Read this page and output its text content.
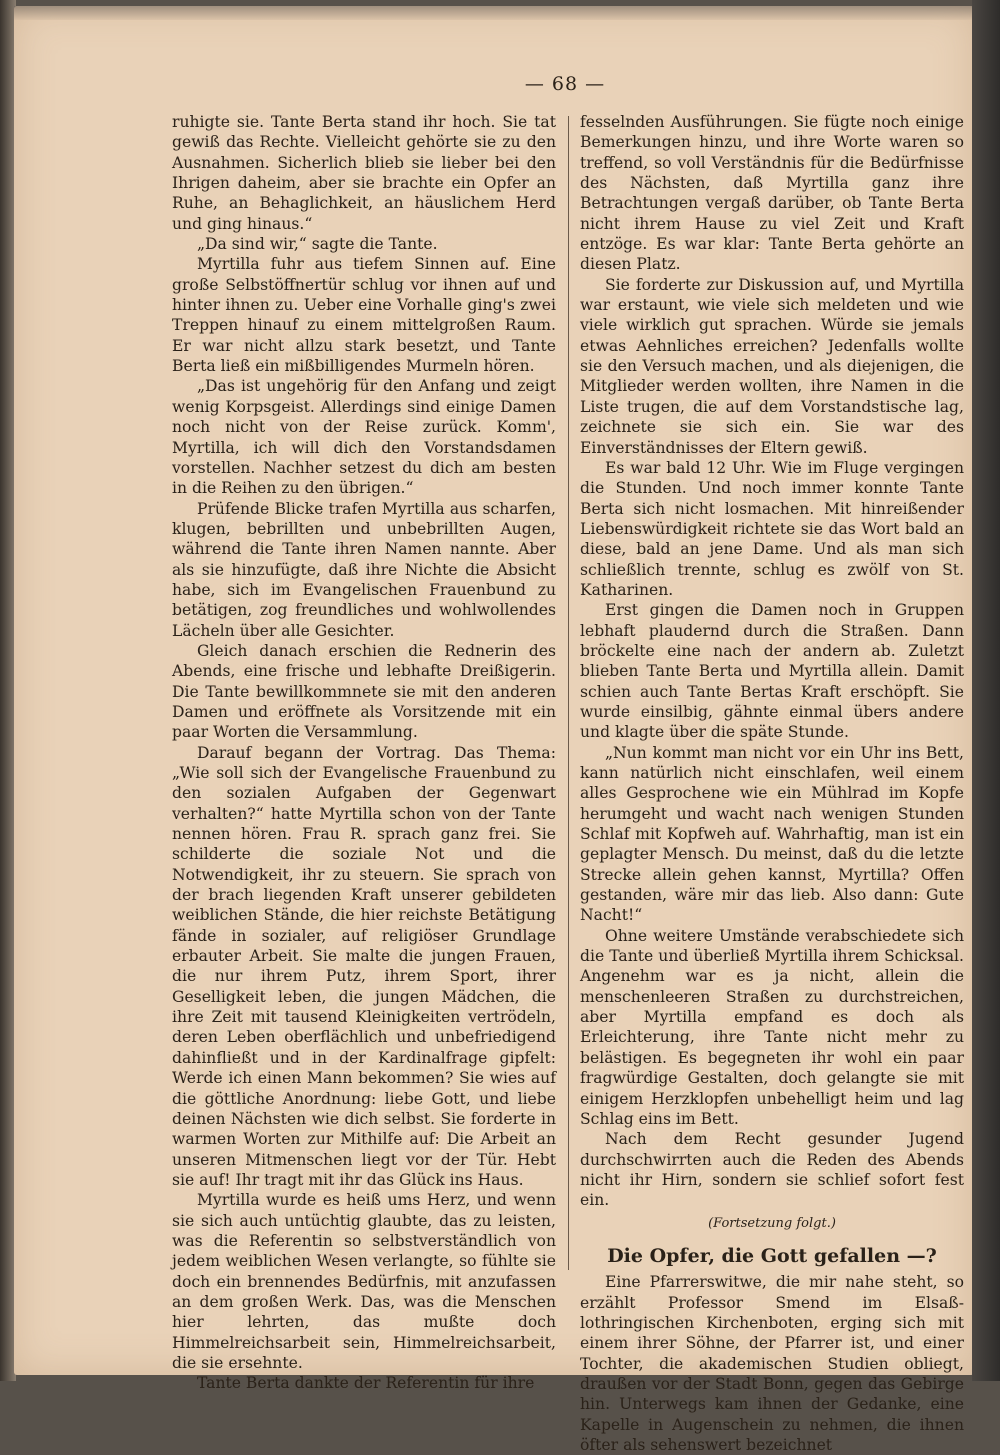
— 68 —

ruhigte sie. Tante Berta stand ihr hoch. Sie tat gewiß das Rechte. Vielleicht gehörte sie zu den Ausnahmen. Sicherlich blieb sie lieber bei den Ihrigen daheim, aber sie brachte ein Opfer an Ruhe, an Behaglichkeit, an häuslichem Herd und ging hinaus.“

„Da sind wir,“ sagte die Tante.

Myrtilla fuhr aus tiefem Sinnen auf. Eine große Selbstöffnertür schlug vor ihnen auf und hinter ihnen zu. Ueber eine Vorhalle ging's zwei Treppen hinauf zu einem mittelgroßen Raum. Er war nicht allzu stark besetzt, und Tante Berta ließ ein mißbilligendes Murmeln hören.

„Das ist ungehörig für den Anfang und zeigt wenig Korpsgeist. Allerdings sind einige Damen noch nicht von der Reise zurück. Komm', Myrtilla, ich will dich den Vorstandsdamen vorstellen. Nachher setzest du dich am besten in die Reihen zu den übrigen.“

Prüfende Blicke trafen Myrtilla aus scharfen, klugen, bebrillten und unbebrillten Augen, während die Tante ihren Namen nannte. Aber als sie hinzufügte, daß ihre Nichte die Absicht habe, sich im Evangelischen Frauenbund zu betätigen, zog freundliches und wohlwollendes Lächeln über alle Gesichter.

Gleich danach erschien die Rednerin des Abends, eine frische und lebhafte Dreißigerin. Die Tante bewillkommnete sie mit den anderen Damen und eröffnete als Vorsitzende mit ein paar Worten die Versammlung.

Darauf begann der Vortrag. Das Thema: „Wie soll sich der Evangelische Frauenbund zu den sozialen Aufgaben der Gegenwart verhalten?“ hatte Myrtilla schon von der Tante nennen hören. Frau R. sprach ganz frei. Sie schilderte die soziale Not und die Notwendigkeit, ihr zu steuern. Sie sprach von der brach liegenden Kraft unserer gebildeten weiblichen Stände, die hier reichste Betätigung fände in sozialer, auf religiöser Grundlage erbauter Arbeit. Sie malte die jungen Frauen, die nur ihrem Putz, ihrem Sport, ihrer Geselligkeit leben, die jungen Mädchen, die ihre Zeit mit tausend Kleinigkeiten vertrödeln, deren Leben oberflächlich und unbefriedigend dahinfließt und in der Kardinalfrage gipfelt: Werde ich einen Mann bekommen? Sie wies auf die göttliche Anordnung: liebe Gott, und liebe deinen Nächsten wie dich selbst. Sie forderte in warmen Worten zur Mithilfe auf: Die Arbeit an unseren Mitmenschen liegt vor der Tür. Hebt sie auf! Ihr tragt mit ihr das Glück ins Haus.

Myrtilla wurde es heiß ums Herz, und wenn sie sich auch untüchtig glaubte, das zu leisten, was die Referentin so selbstverständlich von jedem weiblichen Wesen verlangte, so fühlte sie doch ein brennendes Bedürfnis, mit anzufassen an dem großen Werk. Das, was die Menschen hier lehrten, das mußte doch Himmelreichsarbeit sein, Himmelreichsarbeit, die sie ersehnte.

Tante Berta dankte der Referentin für ihre

fesselnden Ausführungen. Sie fügte noch einige Bemerkungen hinzu, und ihre Worte waren so treffend, so voll Verständnis für die Bedürfnisse des Nächsten, daß Myrtilla ganz ihre Betrachtungen vergaß darüber, ob Tante Berta nicht ihrem Hause zu viel Zeit und Kraft entzöge. Es war klar: Tante Berta gehörte an diesen Platz.

Sie forderte zur Diskussion auf, und Myrtilla war erstaunt, wie viele sich meldeten und wie viele wirklich gut sprachen. Würde sie jemals etwas Aehnliches erreichen? Jedenfalls wollte sie den Versuch machen, und als diejenigen, die Mitglieder werden wollten, ihre Namen in die Liste trugen, die auf dem Vorstandstische lag, zeichnete sie sich ein. Sie war des Einverständnisses der Eltern gewiß.

Es war bald 12 Uhr. Wie im Fluge vergingen die Stunden. Und noch immer konnte Tante Berta sich nicht losmachen. Mit hinreißender Liebenswürdigkeit richtete sie das Wort bald an diese, bald an jene Dame. Und als man sich schließlich trennte, schlug es zwölf von St. Katharinen.

Erst gingen die Damen noch in Gruppen lebhaft plaudernd durch die Straßen. Dann bröckelte eine nach der andern ab. Zuletzt blieben Tante Berta und Myrtilla allein. Damit schien auch Tante Bertas Kraft erschöpft. Sie wurde einsilbig, gähnte einmal übers andere und klagte über die späte Stunde.

„Nun kommt man nicht vor ein Uhr ins Bett, kann natürlich nicht einschlafen, weil einem alles Gesprochene wie ein Mühlrad im Kopfe herumgeht und wacht nach wenigen Stunden Schlaf mit Kopfweh auf. Wahrhaftig, man ist ein geplagter Mensch. Du meinst, daß du die letzte Strecke allein gehen kannst, Myrtilla? Offen gestanden, wäre mir das lieb. Also dann: Gute Nacht!“

Ohne weitere Umstände verabschiedete sich die Tante und überließ Myrtilla ihrem Schicksal. Angenehm war es ja nicht, allein die menschenleeren Straßen zu durchstreichen, aber Myrtilla empfand es doch als Erleichterung, ihre Tante nicht mehr zu belästigen. Es begegneten ihr wohl ein paar fragwürdige Gestalten, doch gelangte sie mit einigem Herzklopfen unbehelligt heim und lag Schlag eins im Bett.

Nach dem Recht gesunder Jugend durchschwirrten auch die Reden des Abends nicht ihr Hirn, sondern sie schlief sofort fest ein.

(Fortsetzung folgt.)
Die Opfer, die Gott gefallen —?

Eine Pfarrerswitwe, die mir nahe steht, so erzählt Professor Smend im Elsaß-lothringischen Kirchenboten, erging sich mit einem ihrer Söhne, der Pfarrer ist, und einer Tochter, die akademischen Studien obliegt, draußen vor der Stadt Bonn, gegen das Gebirge hin. Unterwegs kam ihnen der Gedanke, eine Kapelle in Augenschein zu nehmen, die ihnen öfter als sehenswert bezeichnet
